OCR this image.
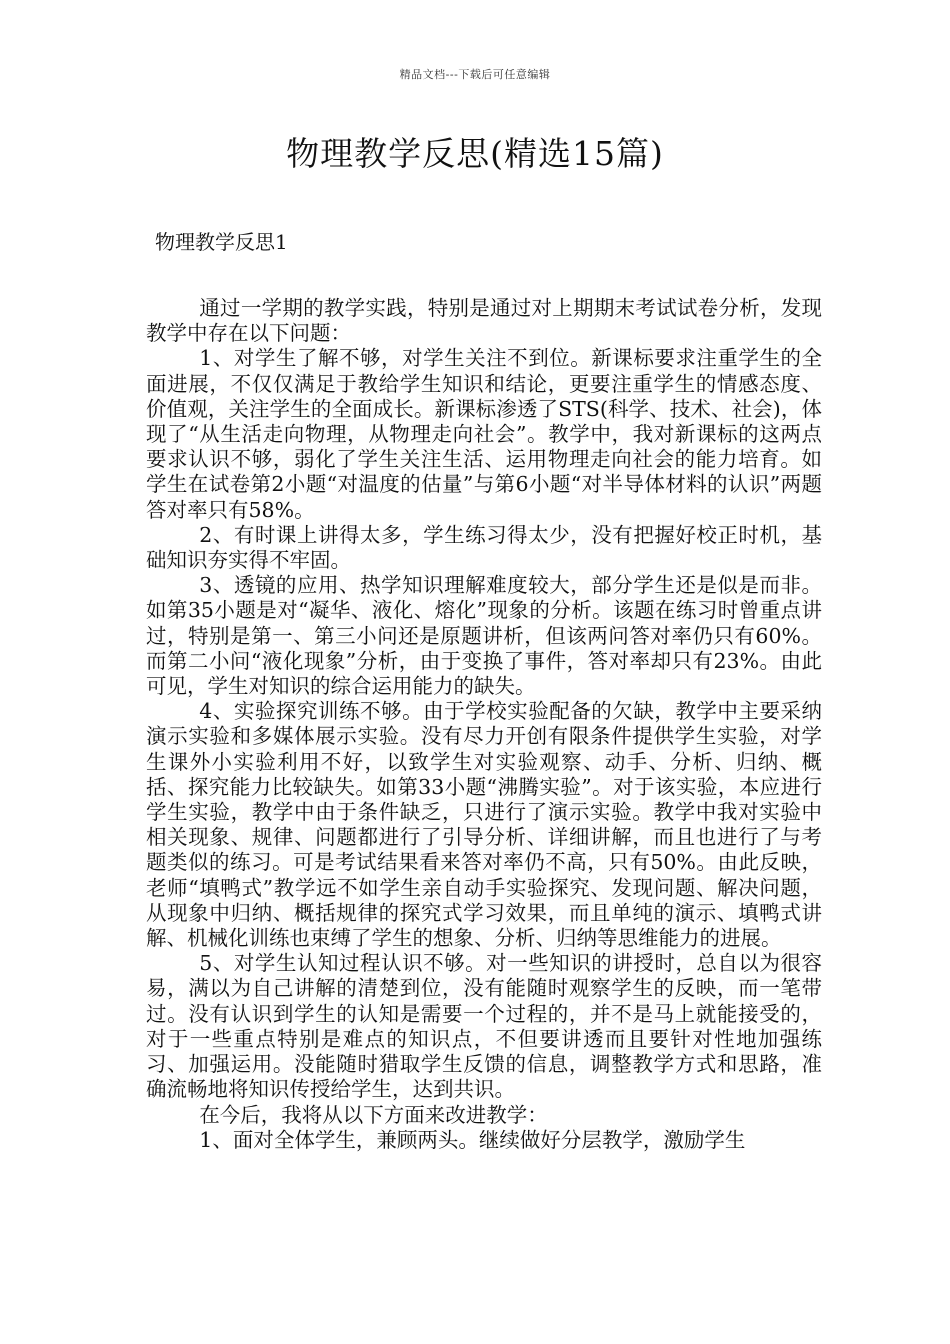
精品文档---下载后可任意编辑
物理教学反思(精选15篇)
物理教学反思1

通过一学期的教学实践，特别是通过对上期期末考试试卷分析，发现教学中存在以下问题：

1、对学生了解不够，对学生关注不到位。新课标要求注重学生的全面进展，不仅仅满足于教给学生知识和结论，更要注重学生的情感态度、价值观，关注学生的全面成长。新课标渗透了STS(科学、技术、社会)，体现了“从生活走向物理，从物理走向社会”。教学中，我对新课标的这两点要求认识不够，弱化了学生关注生活、运用物理走向社会的能力培育。如学生在试卷第2小题“对温度的估量”与第6小题“对半导体材料的认识”两题答对率只有58%。

2、有时课上讲得太多，学生练习得太少，没有把握好校正时机，基础知识夯实得不牢固。

3、透镜的应用、热学知识理解难度较大，部分学生还是似是而非。如第35小题是对“凝华、液化、熔化”现象的分析。该题在练习时曾重点讲过，特别是第一、第三小问还是原题讲析，但该两问答对率仍只有60%。而第二小问“液化现象”分析，由于变换了事件，答对率却只有23%。由此可见，学生对知识的综合运用能力的缺失。

4、实验探究训练不够。由于学校实验配备的欠缺，教学中主要采纳演示实验和多媒体展示实验。没有尽力开创有限条件提供学生实验，对学生课外小实验利用不好，以致学生对实验观察、动手、分析、归纳、概括、探究能力比较缺失。如第33小题“沸腾实验”。对于该实验，本应进行学生实验，教学中由于条件缺乏，只进行了演示实验。教学中我对实验中相关现象、规律、问题都进行了引导分析、详细讲解，而且也进行了与考题类似的练习。可是考试结果看来答对率仍不高，只有50%。由此反映，老师“填鸭式”教学远不如学生亲自动手实验探究、发现问题、解决问题，从现象中归纳、概括规律的探究式学习效果，而且单纯的演示、填鸭式讲解、机械化训练也束缚了学生的想象、分析、归纳等思维能力的进展。

5、对学生认知过程认识不够。对一些知识的讲授时，总自以为很容易，满以为自己讲解的清楚到位，没有能随时观察学生的反映，而一笔带过。没有认识到学生的认知是需要一个过程的，并不是马上就能接受的，对于一些重点特别是难点的知识点，不但要讲透而且要针对性地加强练习、加强运用。没能随时猎取学生反馈的信息，调整教学方式和思路，准确流畅地将知识传授给学生，达到共识。

在今后，我将从以下方面来改进教学：

1、面对全体学生，兼顾两头。继续做好分层教学，激励学生
